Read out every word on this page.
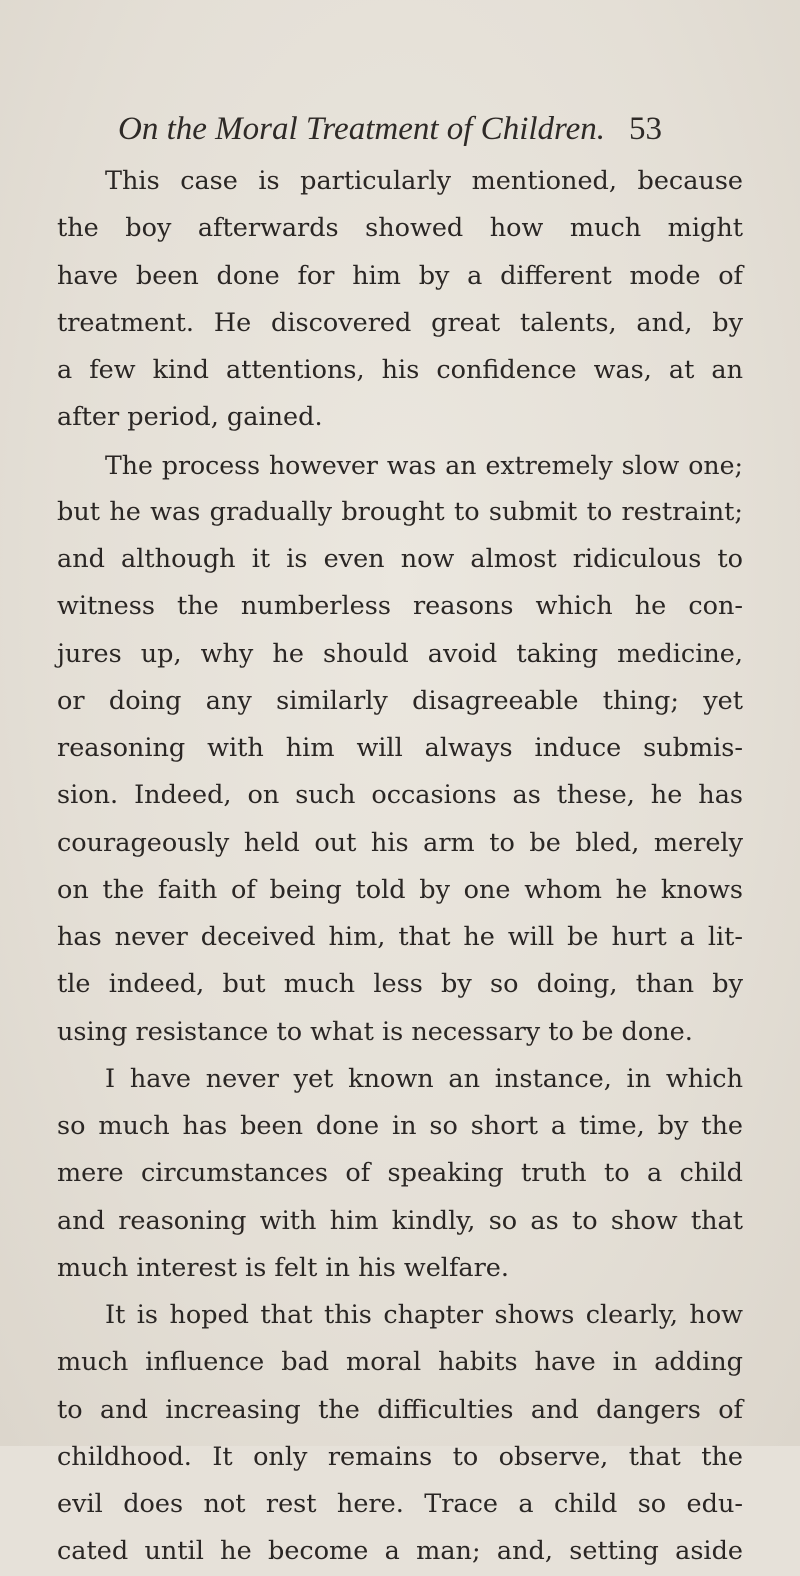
On the Moral Treatment of Children. 53
This case is particularly mentioned, because
the boy afterwards showed how much might
have been done for him by a different mode of
treatment. He discovered great talents, and, by
a few kind attentions, his confidence was, at an
after period, gained.
The process however was an extremely slow one;
but he was gradually brought to submit to restraint;
and although it is even now almost ridiculous to
witness the numberless reasons which he con-
jures up, why he should avoid taking medicine,
or doing any similarly disagreeable thing; yet
reasoning with him will always induce submis-
sion. Indeed, on such occasions as these, he has
courageously held out his arm to be bled, merely
on the faith of being told by one whom he knows
has never deceived him, that he will be hurt a lit-
tle indeed, but much less by so doing, than by
using resistance to what is necessary to be done.
I have never yet known an instance, in which
so much has been done in so short a time, by the
mere circumstances of speaking truth to a child
and reasoning with him kindly, so as to show that
much interest is felt in his welfare.
It is hoped that this chapter shows clearly, how
much influence bad moral habits have in adding
to and increasing the difficulties and dangers of
childhood. It only remains to observe, that the
evil does not rest here. Trace a child so edu-
cated until he become a man; and, setting aside
